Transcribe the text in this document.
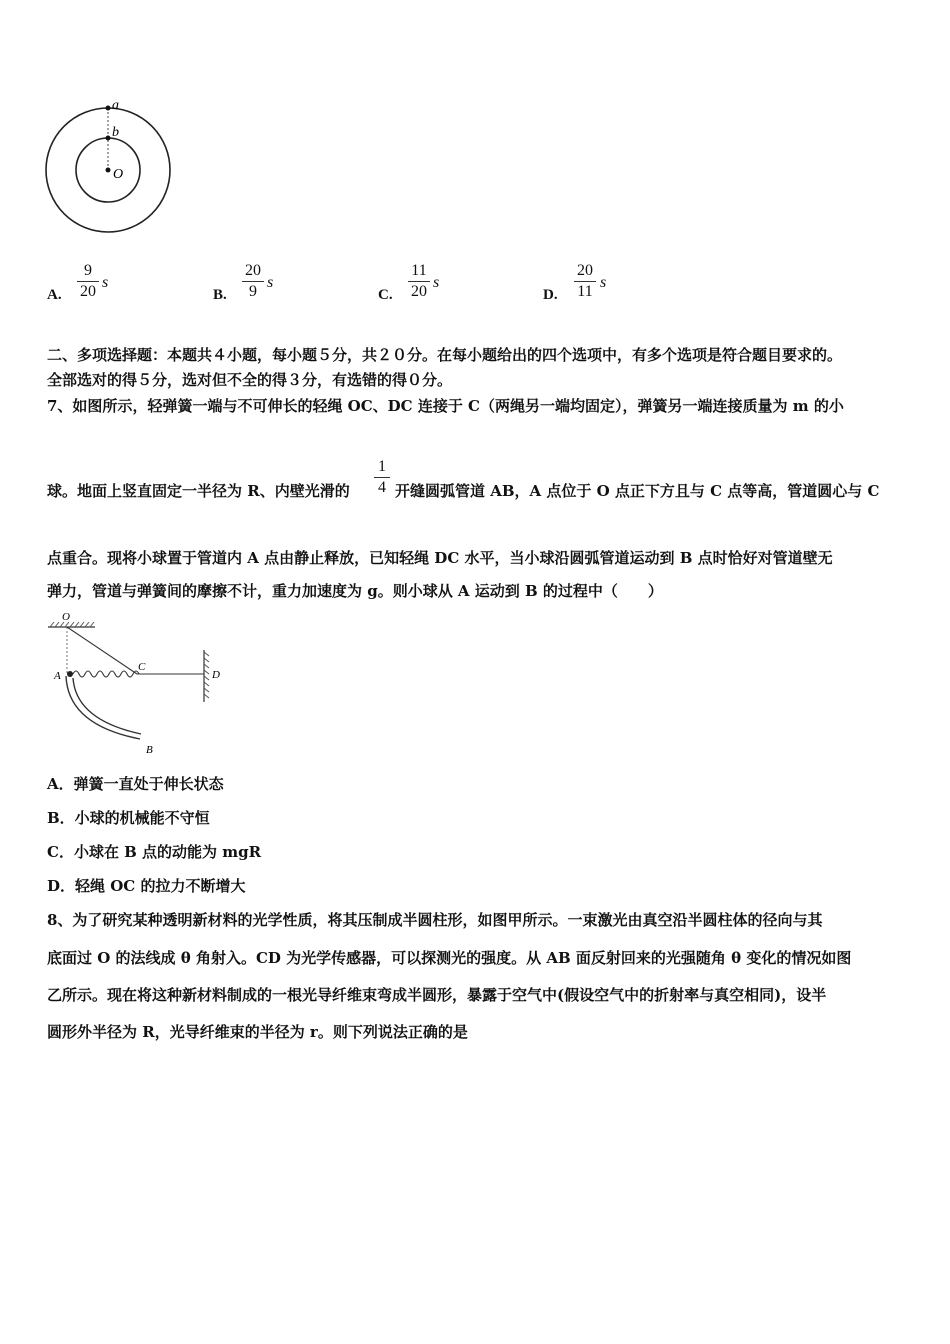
a
b
O
A.
9
20
s
B.
20
9
s
C.
11
20
s
D.
20
11
s
二、多项选择题：本题共４小题，每小题５分，共２０分。在每小题给出的四个选项中，有多个选项是符合题目要求的。
全部选对的得５分，选对但不全的得３分，有选错的得０分。
7、如图所示，轻弹簧一端与不可伸长的轻绳 OC、DC 连接于 C（两绳另一端均固定），弹簧另一端连接质量为 m 的小
球。地面上竖直固定一半径为 R、内壁光滑的
1
4 开缝圆弧管道 AB，A 点位于 O 点正下方且与 C 点等高，管道圆心与 C
点重合。现将小球置于管道内 A 点由静止释放，已知轻绳 DC 水平，当小球沿圆弧管道运动到 B 点时恰好对管道壁无
弹力，管道与弹簧间的摩擦不计，重力加速度为 g。则小球从 A 运动到 B 的过程中（　　）
O
D
C
A
B
A．弹簧一直处于伸长状态
B．小球的机械能不守恒
C．小球在 B 点的动能为 mgR
D．轻绳 OC 的拉力不断增大
8、为了研究某种透明新材料的光学性质，将其压制成半圆柱形，如图甲所示。一束激光由真空沿半圆柱体的径向与其
底面过 O 的法线成 θ 角射入。CD 为光学传感器，可以探测光的强度。从 AB 面反射回来的光强随角 θ 变化的情况如图
乙所示。现在将这种新材料制成的一根光导纤维束弯成半圆形，暴露于空气中(假设空气中的折射率与真空相同)，设半
圆形外半径为 R，光导纤维束的半径为 r。则下列说法正确的是
